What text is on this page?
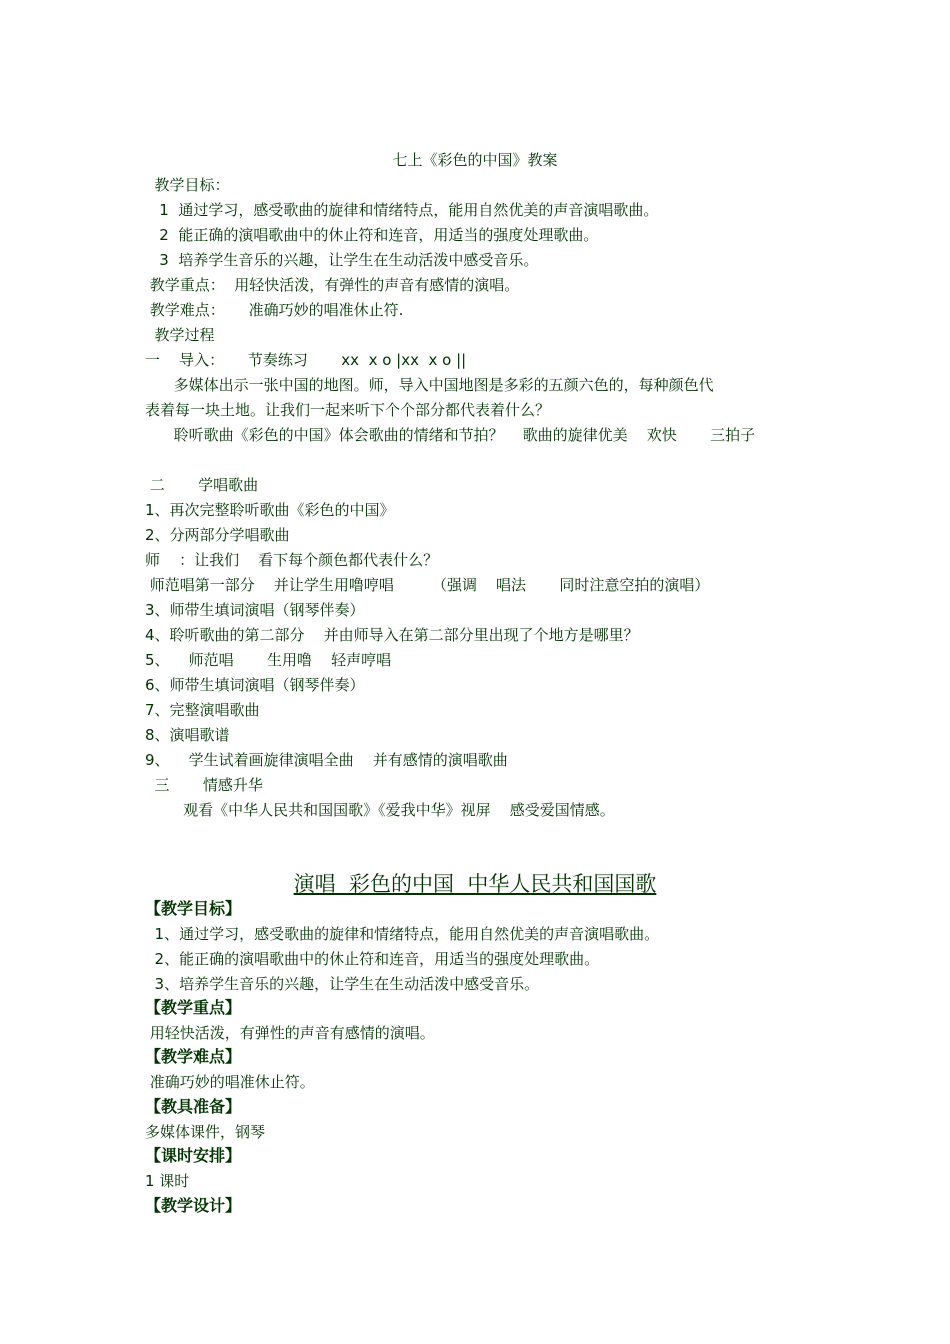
七上《彩色的中国》教案
教学目标：
1  通过学习，感受歌曲的旋律和情绪特点，能用自然优美的声音演唱歌曲。
2  能正确的演唱歌曲中的休止符和连音，用适当的强度处理歌曲。
3  培养学生音乐的兴趣，让学生在生动活泼中感受音乐。
教学重点：  用轻快活泼，有弹性的声音有感情的演唱。
教学难点：     准确巧妙的唱准休止符.
教学过程
一    导入：     节奏练习       xx  x o |xx  x o ||
多媒体出示一张中国的地图。师，导入中国地图是多彩的五颜六色的，每种颜色代
表着每一块土地。让我们一起来听下个个部分都代表着什么？
聆听歌曲《彩色的中国》体会歌曲的情绪和节拍？    歌曲的旋律优美    欢快       三拍子
二       学唱歌曲
1、再次完整聆听歌曲《彩色的中国》
2、分两部分学唱歌曲
师    ：让我们    看下每个颜色都代表什么？
师范唱第一部分    并让学生用噜哼唱        （强调    唱法       同时注意空拍的演唱）
3、师带生填词演唱（钢琴伴奏）
4、聆听歌曲的第二部分    并由师导入在第二部分里出现了个地方是哪里？
5、    师范唱       生用噜    轻声哼唱
6、师带生填词演唱（钢琴伴奏）
7、完整演唱歌曲
8、演唱歌谱
9、    学生试着画旋律演唱全曲    并有感情的演唱歌曲
三       情感升华
观看《中华人民共和国国歌》《爱我中华》视屏    感受爱国情感。
演唱  彩色的中国  中华人民共和国国歌
【教学目标】
1、通过学习，感受歌曲的旋律和情绪特点，能用自然优美的声音演唱歌曲。
2、能正确的演唱歌曲中的休止符和连音，用适当的强度处理歌曲。
3、培养学生音乐的兴趣，让学生在生动活泼中感受音乐。
【教学重点】
用轻快活泼，有弹性的声音有感情的演唱。
【教学难点】
准确巧妙的唱准休止符。
【教具准备】
多媒体课件，钢琴
【课时安排】
1 课时
【教学设计】
